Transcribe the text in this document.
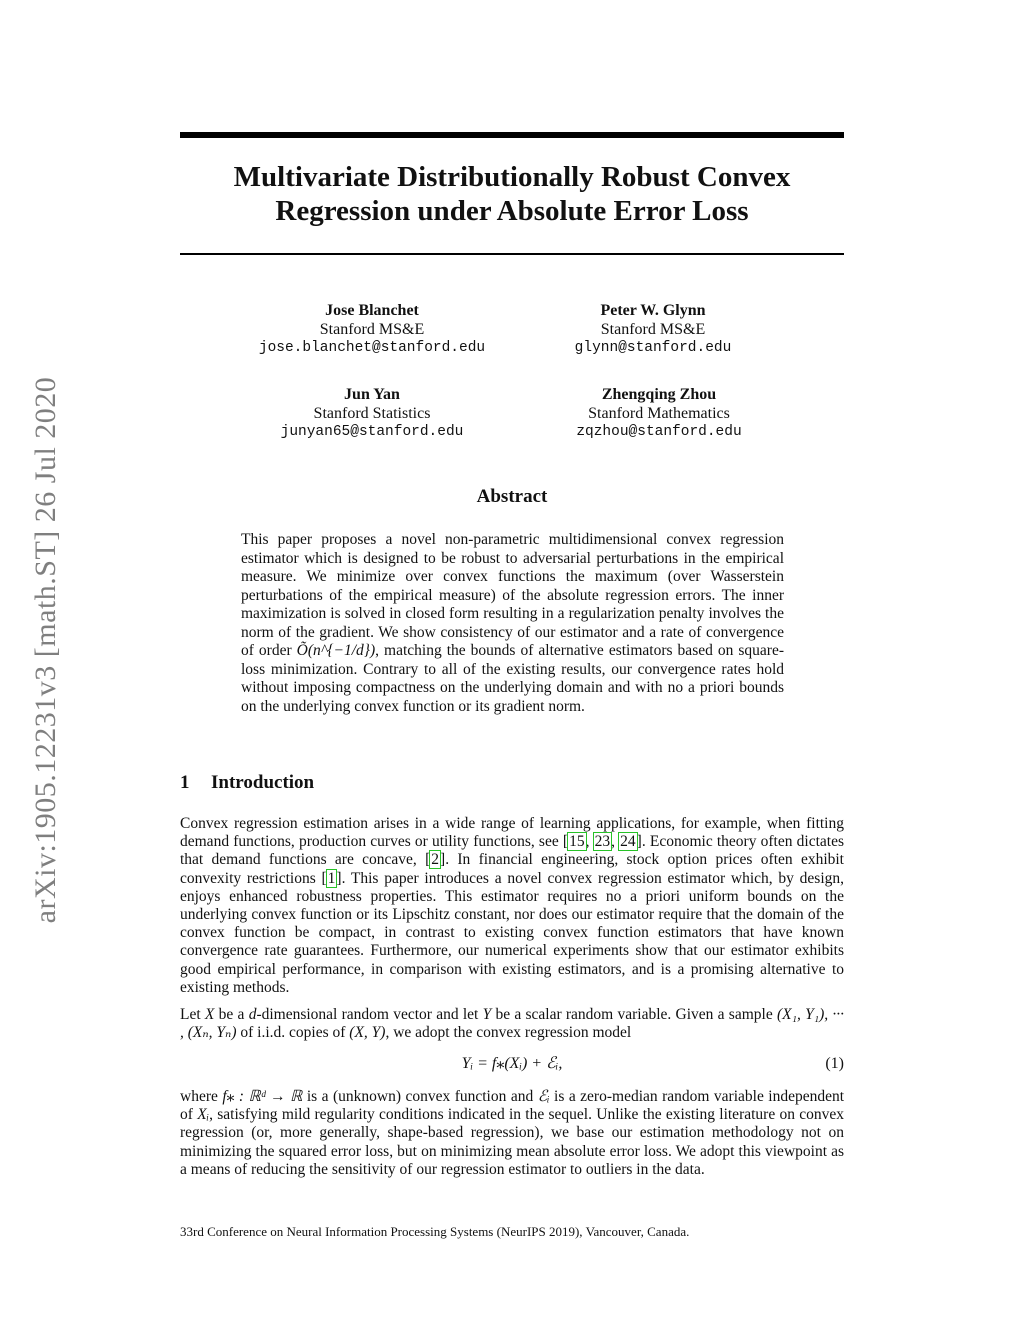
arXiv:1905.12231v3 [math.ST] 26 Jul 2020
Multivariate Distributionally Robust Convex
Regression under Absolute Error Loss
Jose Blanchet
Stanford MS&E
jose.blanchet@stanford.edu
Peter W. Glynn
Stanford MS&E
glynn@stanford.edu
Jun Yan
Stanford Statistics
junyan65@stanford.edu
Zhengqing Zhou
Stanford Mathematics
zqzhou@stanford.edu
Abstract

This paper proposes a novel non-parametric multidimensional convex regression estimator which is designed to be robust to adversarial perturbations in the empirical measure. We minimize over convex functions the maximum (over Wasserstein perturbations of the empirical measure) of the absolute regression errors. The inner maximization is solved in closed form resulting in a regularization penalty involves the norm of the gradient. We show consistency of our estimator and a rate of convergence of order Õ(n^{−1/d}), matching the bounds of alternative estimators based on square-loss minimization. Contrary to all of the existing results, our convergence rates hold without imposing compactness on the underlying domain and with no a priori bounds on the underlying convex function or its gradient norm.

1 Introduction

Convex regression estimation arises in a wide range of learning applications, for example, when fitting demand functions, production curves or utility functions, see [15, 23, 24]. Economic theory often dictates that demand functions are concave, [2]. In financial engineering, stock option prices often exhibit convexity restrictions [1]. This paper introduces a novel convex regression estimator which, by design, enjoys enhanced robustness properties. This estimator requires no a priori uniform bounds on the underlying convex function or its Lipschitz constant, nor does our estimator require that the domain of the convex function be compact, in contrast to existing convex function estimators that have known convergence rate guarantees. Furthermore, our numerical experiments show that our estimator exhibits good empirical performance, in comparison with existing estimators, and is a promising alternative to existing methods.

Let X be a d-dimensional random vector and let Y be a scalar random variable. Given a sample (X₁, Y₁), ··· , (Xₙ, Yₙ) of i.i.d. copies of (X, Y), we adopt the convex regression model

Yᵢ = f⁎(Xᵢ) + ℰᵢ,	(1)

where f⁎ : ℝᵈ → ℝ is a (unknown) convex function and ℰᵢ is a zero-median random variable independent of Xᵢ, satisfying mild regularity conditions indicated in the sequel. Unlike the existing literature on convex regression (or, more generally, shape-based regression), we base our estimation methodology not on minimizing the squared error loss, but on minimizing mean absolute error loss. We adopt this viewpoint as a means of reducing the sensitivity of our regression estimator to outliers in the data.

33rd Conference on Neural Information Processing Systems (NeurIPS 2019), Vancouver, Canada.
